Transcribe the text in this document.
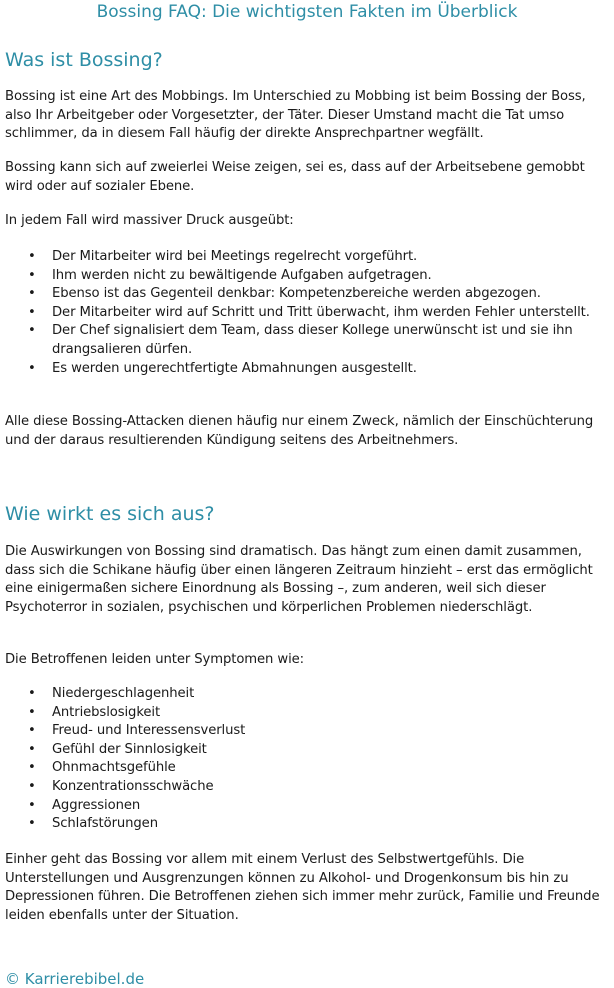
Bossing FAQ: Die wichtigsten Fakten im Überblick
Was ist Bossing?

Bossing ist eine Art des Mobbings. Im Unterschied zu Mobbing ist beim Bossing der Boss, also Ihr Arbeitgeber oder Vorgesetzter, der Täter. Dieser Umstand macht die Tat umso schlimmer, da in diesem Fall häufig der direkte Ansprechpartner wegfällt.

Bossing kann sich auf zweierlei Weise zeigen, sei es, dass auf der Arbeitsebene gemobbt wird oder auf sozialer Ebene.

In jedem Fall wird massiver Druck ausgeübt:

• Der Mitarbeiter wird bei Meetings regelrecht vorgeführt.
• Ihm werden nicht zu bewältigende Aufgaben aufgetragen.
• Ebenso ist das Gegenteil denkbar: Kompetenzbereiche werden abgezogen.
• Der Mitarbeiter wird auf Schritt und Tritt überwacht, ihm werden Fehler unterstellt.
• Der Chef signalisiert dem Team, dass dieser Kollege unerwünscht ist und sie ihn drangsalieren dürfen.
• Es werden ungerechtfertigte Abmahnungen ausgestellt.

Alle diese Bossing-Attacken dienen häufig nur einem Zweck, nämlich der Einschüchterung und der daraus resultierenden Kündigung seitens des Arbeitnehmers.

Wie wirkt es sich aus?

Die Auswirkungen von Bossing sind dramatisch. Das hängt zum einen damit zusammen, dass sich die Schikane häufig über einen längeren Zeitraum hinzieht – erst das ermöglicht eine einigermaßen sichere Einordnung als Bossing –, zum anderen, weil sich dieser Psychoterror in sozialen, psychischen und körperlichen Problemen niederschlägt.

Die Betroffenen leiden unter Symptomen wie:

• Niedergeschlagenheit
• Antriebslosigkeit
• Freud- und Interessensverlust
• Gefühl der Sinnlosigkeit
• Ohnmachtsgefühle
• Konzentrationsschwäche
• Aggressionen
• Schlafstörungen

Einher geht das Bossing vor allem mit einem Verlust des Selbstwertgefühls. Die Unterstellungen und Ausgrenzungen können zu Alkohol- und Drogenkonsum bis hin zu Depressionen führen. Die Betroffenen ziehen sich immer mehr zurück, Familie und Freunde leiden ebenfalls unter der Situation.

© Karrierebibel.de
